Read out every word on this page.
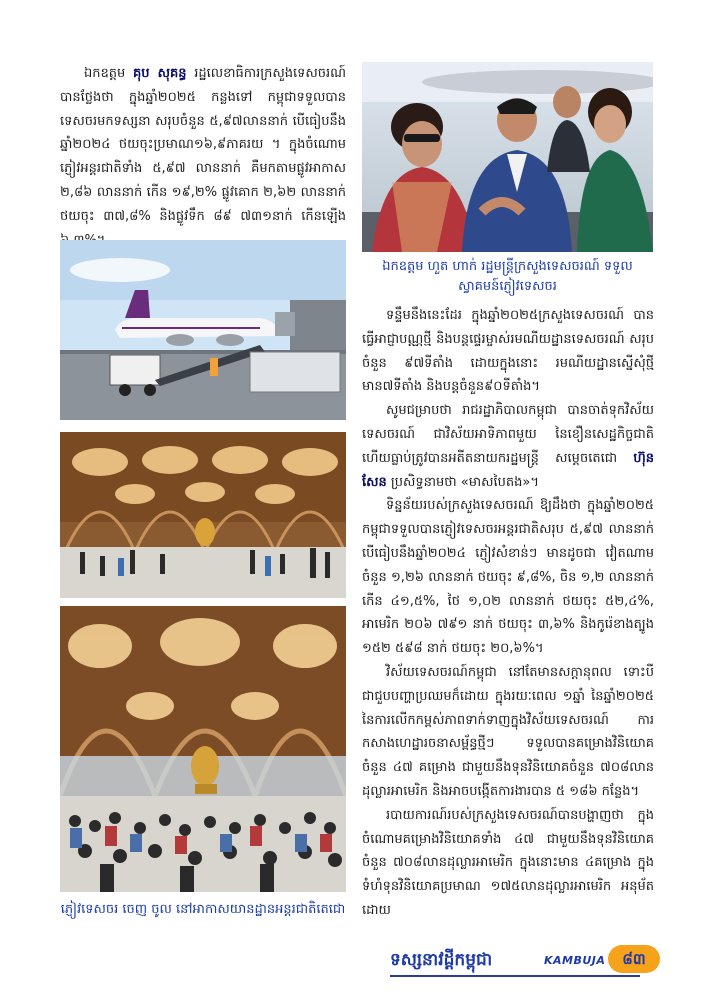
ឯកឧត្តម គុប សុគន្ធ រដ្ឋលេខាធិការក្រសួងទេសចរណ៍ បានថ្លែងថា ក្នុងឆ្នាំ២០២៥ កន្លងទៅ កម្ពុជាទទួលបានទេសចរមកទស្សនា សរុបចំនួន ៥,៩៧លាននាក់ បើធៀបនឹងឆ្នាំ២០២៤ ថយចុះប្រមាណ១៦,៩ភាគរយ ។ ក្នុងចំណោមភ្ញៀវអន្តរជាតិទាំង ៥,៩៧ លាននាក់ គឺមកតាមផ្លូវអាកាស ២,៨៦ លាននាក់ កើន ១៩,២% ផ្លូវគោក ២,៦២ លាននាក់ ថយចុះ ៣៧,៨% និងផ្លូវទឹក ៨៩ ៧៣១នាក់ កើនឡើង

ឯកឧត្តម ហួត ហាក់ រដ្ឋមន្ត្រីក្រសួងទេសចរណ៍ ទទួលស្វាគមន៍ភ្ញៀវទេសចរ
ភ្ញៀវទេសចរ ចេញ ចូល នៅអាកាសយានដ្ឋានអន្តរជាតិតេជោ

ទន្ទឹមនឹងនេះដែរ ក្នុងឆ្នាំ២០២៥ក្រសួងទេសចរណ៍ បានធ្វើអាជ្ញាបណ្ណថ្មី និងបន្តផ្ទេរម្ចាស់រមណីយដ្ឋានទេសចរណ៍ សរុបចំនួន ៩៧ទីតាំង ដោយក្នុងនោះ រមណីយដ្ឋានស្នើសុំថ្មី មាន៧ទីតាំង និងបន្តចំនួន៩០ទីតាំង។

សូមជម្រាបថា រាជរដ្ឋាភិបាលកម្ពុជា បានចាត់ទុកវិស័យទេសចរណ៍ ជាវិស័យអាទិភាពមួយ នៃខឿនសេដ្ឋកិច្ចជាតិ ហើយធ្លាប់ត្រូវបានអតីតនាយករដ្ឋមន្ត្រី សម្តេចតេជោ ហ៊ុន សែន ប្រសិទ្ធនាមថា «មាសបៃតង»។

ទិន្នន័យរបស់ក្រសួងទេសចរណ៍ ឱ្យដឹងថា ក្នុងឆ្នាំ២០២៥ កម្ពុជាទទួលបានភ្ញៀវទេសចរអន្តរជាតិសរុប ៥,៩៧ លាននាក់ បើធៀបនឹងឆ្នាំ២០២៤ ភ្ញៀវសំខាន់ៗ មានដូចជា វៀតណាម ចំនួន ១,២៦ លាននាក់ ថយចុះ ៩,៨%, ចិន ១,២ លាននាក់ កើន ៤១,៥%, ថៃ ១,០២ លាននាក់ ថយចុះ ៥២,៤%, អាមេរិក ២០៦ ៧៩១ នាក់ ថយចុះ ៣,៦% និងកូរ៉េខាងត្បូង ១៥២ ៥៩៨ នាក់ ថយចុះ ២០,៦%។

វិស័យទេសចរណ៍កម្ពុជា នៅតែមានសក្តានុពល ទោះបីជាជួបបញ្ហាប្រឈមក៏ដោយ ក្នុងរយៈពេល ១ឆ្នាំ នៃឆ្នាំ២០២៥ នៃការលើកកម្ពស់ភាពទាក់ទាញក្នុងវិស័យទេសចរណ៍ ការកសាងហេដ្ឋារចនាសម្ព័ន្ធថ្មីៗ ទទួលបានគម្រោងវិនិយោគ ចំនួន ៤៧ គម្រោង ជាមួយនឹងទុនវិនិយោគចំនួន ៧០៨លានដុល្លារអាមេរិក និងអាចបង្កើតការងារបាន ៥ ១៨៦ កន្លែង។

របាយការណ៍របស់ក្រសួងទេសចរណ៍បានបង្ហាញថា ក្នុងចំណោមគម្រោងវិនិយោគទាំង ៤៧ ជាមួយនឹងទុនវិនិយោគចំនួន ៧០៨លានដុល្លារអាមេរិក ក្នុងនោះមាន ៤គម្រោង ក្នុងទំហំទុនវិនិយោគប្រមាណ ១៧៥លានដុល្លារអាមេរិក អនុម័តដោយ

ទស្សនាវដ្តីកម្ពុជា	KAMBUJA	៨៣
